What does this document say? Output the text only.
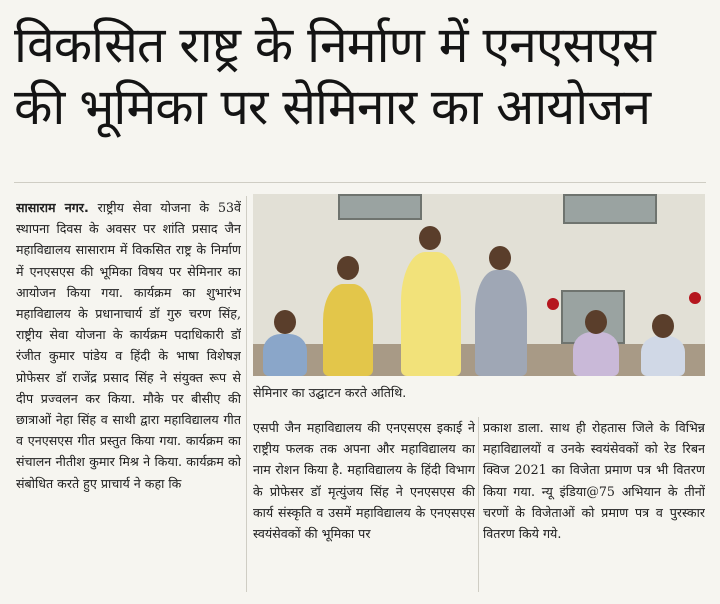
विकसित राष्ट्र के निर्माण में एनएसएस
की भूमिका पर सेमिनार का आयोजन
सासाराम नगर. राष्ट्रीय सेवा योजना के 53वें स्थापना दिवस के अवसर पर शांति प्रसाद जैन महाविद्यालय सासाराम में विकसित राष्ट्र के निर्माण में एनएसएस की भूमिका विषय पर सेमिनार का आयोजन किया गया. कार्यक्रम का शुभारंभ महाविद्यालय के प्रधानाचार्य डॉ गुरु चरण सिंह, राष्ट्रीय सेवा योजना के कार्यक्रम पदाधिकारी डॉ रंजीत कुमार पांडेय व हिंदी के भाषा विशेषज्ञ प्रोफेसर डॉ राजेंद्र प्रसाद सिंह ने संयुक्त रूप से दीप प्रज्वलन कर किया. मौके पर बीसीए की छात्राओं नेहा सिंह व साथी द्वारा महाविद्यालय गीत व एनएसएस गीत प्रस्तुत किया गया. कार्यक्रम का संचालन नीतीश कुमार मिश्र ने किया. कार्यक्रम को संबोधित करते हुए प्राचार्य ने कहा कि
सेमिनार का उद्घाटन करते अतिथि.
एसपी जैन महाविद्यालय की एनएसएस इकाई ने राष्ट्रीय फलक तक अपना और महाविद्यालय का नाम रोशन किया है. महाविद्यालय के हिंदी विभाग के प्रोफेसर डॉ मृत्युंजय सिंह ने एनएसएस की कार्य संस्कृति व उसमें महाविद्यालय के एनएसएस स्वयंसेवकों की भूमिका पर
प्रकाश डाला. साथ ही रोहतास जिले के विभिन्न महाविद्यालयों व उनके स्वयंसेवकों को रेड रिबन क्विज 2021 का विजेता प्रमाण पत्र भी वितरण किया गया. न्यू इंडिया@75 अभियान के तीनों चरणों के विजेताओं को प्रमाण पत्र व पुरस्कार वितरण किये गये.
